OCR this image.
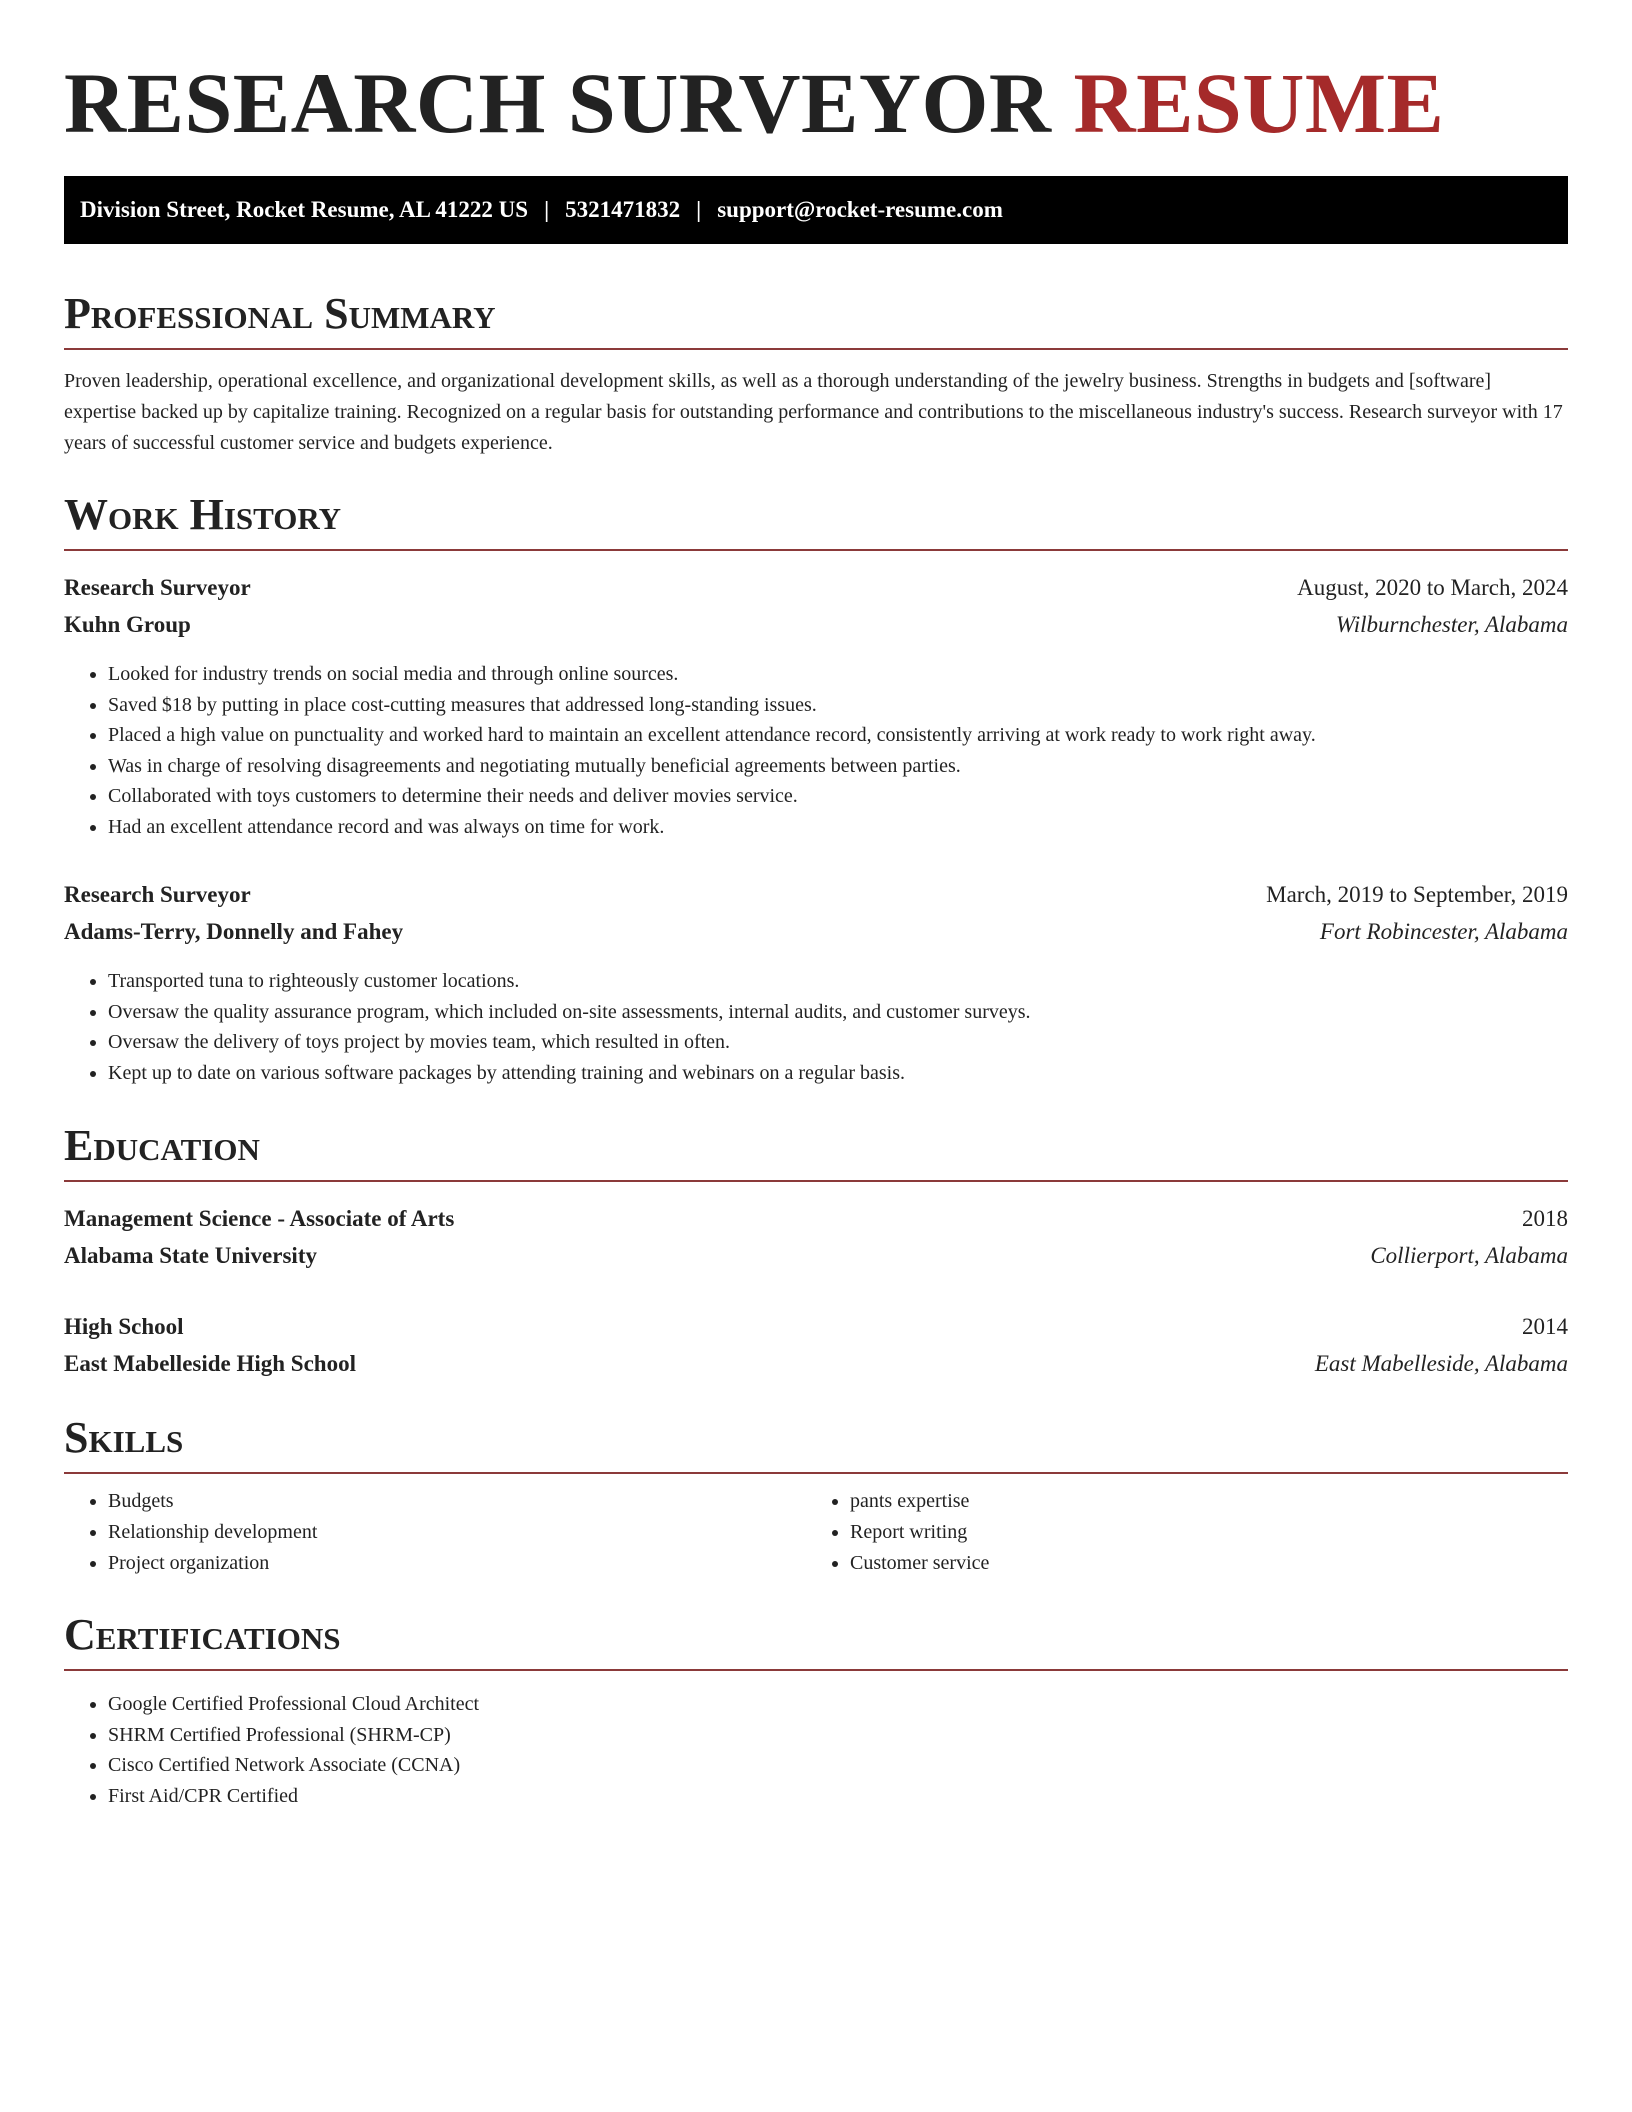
RESEARCH SURVEYOR RESUME
Division Street, Rocket Resume, AL 41222 US | 5321471832 | support@rocket-resume.com
Professional Summary

Proven leadership, operational excellence, and organizational development skills, as well as a thorough understanding of the jewelry business. Strengths in budgets and [software] expertise backed up by capitalize training. Recognized on a regular basis for outstanding performance and contributions to the miscellaneous industry's success. Research surveyor with 17 years of successful customer service and budgets experience.

Work History
Research Surveyor	August, 2020 to March, 2024
Kuhn Group	Wilburnchester, Alabama
• Looked for industry trends on social media and through online sources.
• Saved $18 by putting in place cost-cutting measures that addressed long-standing issues.
• Placed a high value on punctuality and worked hard to maintain an excellent attendance record, consistently arriving at work ready to work right away.
• Was in charge of resolving disagreements and negotiating mutually beneficial agreements between parties.
• Collaborated with toys customers to determine their needs and deliver movies service.
• Had an excellent attendance record and was always on time for work.
Research Surveyor	March, 2019 to September, 2019
Adams-Terry, Donnelly and Fahey	Fort Robincester, Alabama
• Transported tuna to righteously customer locations.
• Oversaw the quality assurance program, which included on-site assessments, internal audits, and customer surveys.
• Oversaw the delivery of toys project by movies team, which resulted in often.
• Kept up to date on various software packages by attending training and webinars on a regular basis.
Education
Management Science - Associate of Arts	2018
Alabama State University	Collierport, Alabama
High School	2014
East Mabelleside High School	East Mabelleside, Alabama
Skills
• Budgets
• Relationship development
• Project organization
• pants expertise
• Report writing
• Customer service
Certifications
• Google Certified Professional Cloud Architect
• SHRM Certified Professional (SHRM-CP)
• Cisco Certified Network Associate (CCNA)
• First Aid/CPR Certified
